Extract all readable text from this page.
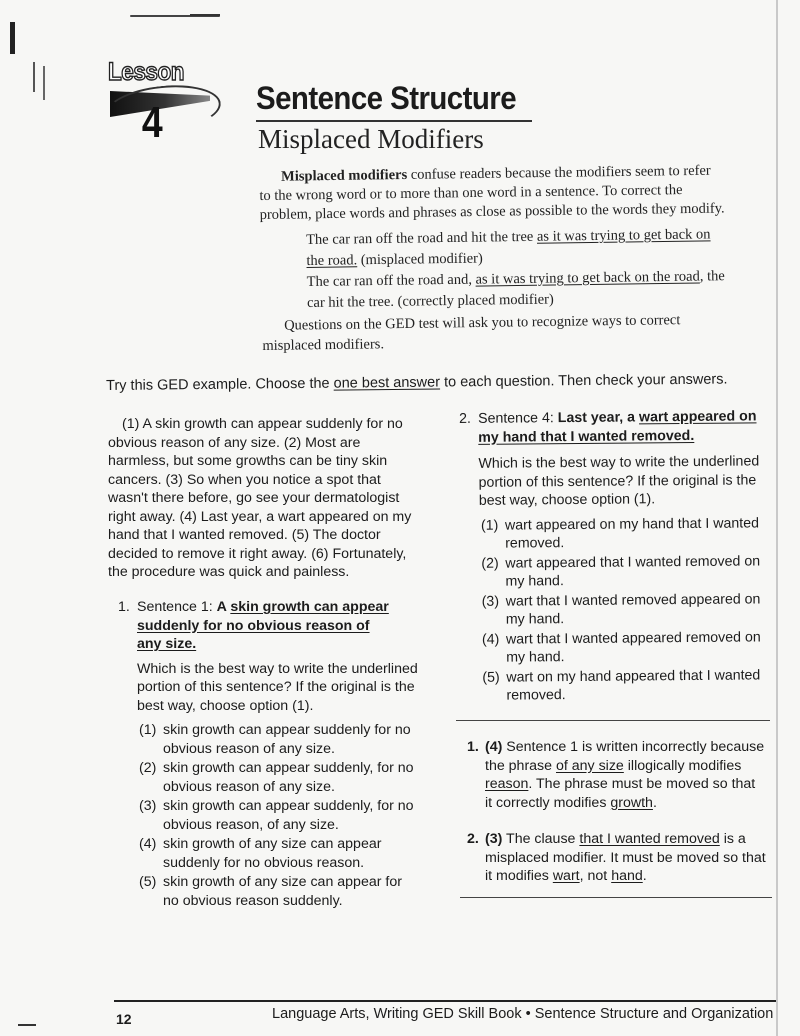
Lesson
4	Sentence Structure
Misplaced Modifiers

Misplaced modifiers confuse readers because the modifiers seem to refer

to the wrong word or to more than one word in a sentence. To correct the

problem, place words and phrases as close as possible to the words they modify.

The car ran off the road and hit the tree as it was trying to get back on

the road. (misplaced modifier)

The car ran off the road and, as it was trying to get back on the road, the

car hit the tree. (correctly placed modifier)

Questions on the GED test will ask you to recognize ways to correct

misplaced modifiers.

Try this GED example. Choose the one best answer to each question. Then check your answers.

(1) A skin growth can appear suddenly for no

obvious reason of any size. (2) Most are

harmless, but some growths can be tiny skin

cancers. (3) So when you notice a spot that

wasn't there before, go see your dermatologist

right away. (4) Last year, a wart appeared on my

hand that I wanted removed. (5) The doctor

decided to remove it right away. (6) Fortunately,

the procedure was quick and painless.

1. Sentence 1: A skin growth can appear

suddenly for no obvious reason of

any size.

Which is the best way to write the underlined

portion of this sentence? If the original is the

best way, choose option (1).

(1) skin growth can appear suddenly for no

obvious reason of any size.

(2) skin growth can appear suddenly, for no

obvious reason of any size.

(3) skin growth can appear suddenly, for no

obvious reason, of any size.

(4) skin growth of any size can appear

suddenly for no obvious reason.

(5) skin growth of any size can appear for

no obvious reason suddenly.

2. Sentence 4: Last year, a wart appeared on

my hand that I wanted removed.

Which is the best way to write the underlined

portion of this sentence? If the original is the

best way, choose option (1).

(1) wart appeared on my hand that I wanted

removed.

(2) wart appeared that I wanted removed on

my hand.

(3) wart that I wanted removed appeared on

my hand.

(4) wart that I wanted appeared removed on

my hand.

(5) wart on my hand appeared that I wanted

removed.

1. (4) Sentence 1 is written incorrectly because

the phrase of any size illogically modifies

reason. The phrase must be moved so that

it correctly modifies growth.

2. (3) The clause that I wanted removed is a

misplaced modifier. It must be moved so that

it modifies wart, not hand.

12	Language Arts, Writing GED Skill Book • Sentence Structure and Organization
